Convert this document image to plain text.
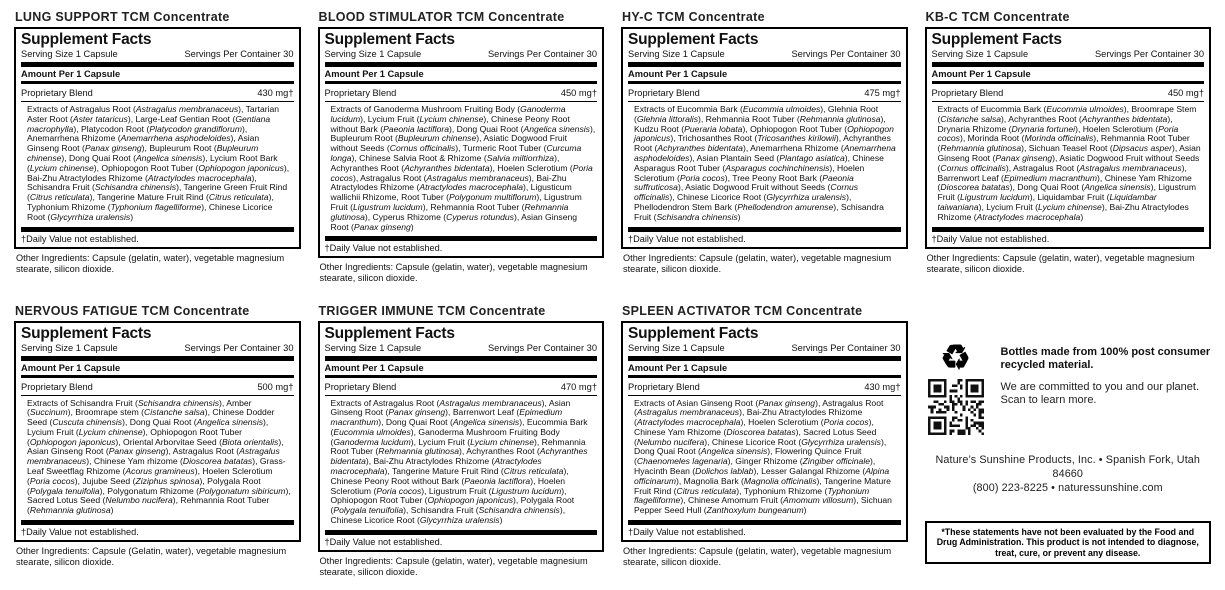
LUNG SUPPORT TCM Concentrate
Supplement Facts
Serving Size 1 Capsule	Servings Per Container 30
Amount Per 1 Capsule
Proprietary Blend	430 mg†
Extracts of Astragalus Root (Astragalus membranaceus), Tartarian Aster Root (Aster tataricus), Large-Leaf Gentian Root (Gentiana macrophylla), Platycodon Root (Platycodon grandiflorum), Anemarrhena Rhizome (Anemarrhena asphodeloides), Asian Ginseng Root (Panax ginseng), Bupleurum Root (Bupleurum chinense), Dong Quai Root (Angelica sinensis), Lycium Root Bark (Lycium chinense), Ophiopogon Root Tuber (Ophiopogon japonicus), Bai-Zhu Atractylodes Rhizome (Atractylodes macrocephala), Schisandra Fruit (Schisandra chinensis), Tangerine Green Fruit Rind (Citrus reticulata), Tangerine Mature Fruit Rind (Citrus reticulata), Typhonium Rhizome (Typhonium flagelliforme), Chinese Licorice Root (Glycyrrhiza uralensis)
†Daily Value not established.

Other Ingredients: Capsule (gelatin, water), vegetable magnesium stearate, silicon dioxide.

BLOOD STIMULATOR TCM Concentrate
Supplement Facts
Serving Size 1 Capsule	Servings Per Container 30
Amount Per 1 Capsule
Proprietary Blend	450 mg†
Extracts of Ganoderma Mushroom Fruiting Body (Ganoderma lucidum), Lycium Fruit (Lycium chinense), Chinese Peony Root without Bark (Paeonia lactiflora), Dong Quai Root (Angelica sinensis), Bupleurum Root (Bupleurum chinense), Asiatic Dogwood Fruit without Seeds (Cornus officinalis), Turmeric Root Tuber (Curcuma longa), Chinese Salvia Root & Rhizome (Salvia miltiorrhiza), Achyranthes Root (Achyranthes bidentata), Hoelen Sclerotium (Poria cocos), Astragalus Root (Astragalus membranaceus), Bai-Zhu Atractylodes Rhizome (Atractylodes macrocephala), Ligusticum wallichii Rhizome, Root Tuber (Polygonum multiflorum), Ligustrum Fruit (Ligustrum lucidum), Rehmannia Root Tuber (Rehmannia glutinosa), Cyperus Rhizome (Cyperus rotundus), Asian Ginseng Root (Panax ginseng)
†Daily Value not established.

Other Ingredients: Capsule (gelatin, water), vegetable magnesium stearate, silicon dioxide.

HY-C TCM Concentrate
Supplement Facts
Serving Size 1 Capsule	Servings Per Container 30
Amount Per 1 Capsule
Proprietary Blend	475 mg†
Extracts of Eucommia Bark (Eucommia ulmoides), Glehnia Root (Glehnia littoralis), Rehmannia Root Tuber (Rehmannia glutinosa), Kudzu Root (Pueraria lobata), Ophiopogon Root Tuber (Ophiopogon japonicus), Trichosanthes Root (Tricosanthes kirilowii), Achyranthes Root (Achyranthes bidentata), Anemarrhena Rhizome (Anemarrhena asphodeloides), Asian Plantain Seed (Plantago asiatica), Chinese Asparagus Root Tuber (Asparagus cochinchinensis), Hoelen Sclerotium (Poria cocos), Tree Peony Root Bark (Paeonia suffruticosa), Asiatic Dogwood Fruit without Seeds (Cornus officinalis), Chinese Licorice Root (Glycyrrhiza uralensis), Phellodendron Stem Bark (Phellodendron amurense), Schisandra Fruit (Schisandra chinensis)
†Daily Value not established.

Other Ingredients: Capsule (gelatin, water), vegetable magnesium stearate, silicon dioxide.

KB-C TCM Concentrate
Supplement Facts
Serving Size 1 Capsule	Servings Per Container 30
Amount Per 1 Capsule
Proprietary Blend	450 mg†
Extracts of Eucommia Bark (Eucommia ulmoides), Broomrape Stem (Cistanche salsa), Achyranthes Root (Achyranthes bidentata), Drynaria Rhizome (Drynaria fortunei), Hoelen Sclerotium (Poria cocos), Morinda Root (Morinda officinalis), Rehmannia Root Tuber (Rehmannia glutinosa), Sichuan Teasel Root (Dipsacus asper), Asian Ginseng Root (Panax ginseng), Asiatic Dogwood Fruit without Seeds (Cornus officinalis), Astragalus Root (Astragalus membranaceus), Barrenwort Leaf (Epimedium macranthum), Chinese Yam Rhizome (Dioscorea batatas), Dong Quai Root (Angelica sinensis), Ligustrum Fruit (Ligustrum lucidum), Liquidambar Fruit (Liquidambar taiwaniana), Lycium Fruit (Lycium chinense), Bai-Zhu Atractylodes Rhizome (Atractylodes macrocephala)
†Daily Value not established.

Other Ingredients: Capsule (gelatin, water), vegetable magnesium stearate, silicon dioxide.

NERVOUS FATIGUE TCM Concentrate
Supplement Facts
Serving Size 1 Capsule	Servings Per Container 30
Amount Per 1 Capsule
Proprietary Blend	500 mg†
Extracts of Schisandra Fruit (Schisandra chinensis), Amber (Succinum), Broomrape stem (Cistanche salsa), Chinese Dodder Seed (Cuscuta chinensis), Dong Quai Root (Angelica sinensis), Lycium Fruit (Lycium chinense), Ophiopogon Root Tuber (Ophiopogon japonicus), Oriental Arborvitae Seed (Biota orientalis), Asian Ginseng Root (Panax ginseng), Astragalus Root (Astragalus membranaceus), Chinese Yam rhizome (Dioscorea batatas), Grass-Leaf Sweetflag Rhizome (Acorus gramineus), Hoelen Sclerotium (Poria cocos), Jujube Seed (Ziziphus spinosa), Polygala Root (Polygala tenuifolia), Polygonatum Rhizome (Polygonatum sibiricum), Sacred Lotus Seed (Nelumbo nucifera), Rehmannia Root Tuber (Rehmannia glutinosa)
†Daily Value not established.

Other Ingredients: Capsule (Gelatin, water), vegetable magnesium stearate, silicon dioxide.

TRIGGER IMMUNE TCM Concentrate
Supplement Facts
Serving Size 1 Capsule	Servings Per Container 30
Amount Per 1 Capsule
Proprietary Blend	470 mg†
Extracts of Astragalus Root (Astragalus membranaceus), Asian Ginseng Root (Panax ginseng), Barrenwort Leaf (Epimedium macranthum), Dong Quai Root (Angelica sinensis), Eucommia Bark (Eucommia ulmoides), Ganoderma Mushroom Fruiting Body (Ganoderma lucidum), Lycium Fruit (Lycium chinense), Rehmannia Root Tuber (Rehmannia glutinosa), Achyranthes Root (Achyranthes bidentata), Bai-Zhu Atractylodes Rhizome (Atractylodes macrocephala), Tangerine Mature Fruit Rind (Citrus reticulata), Chinese Peony Root without Bark (Paeonia lactiflora), Hoelen Sclerotium (Poria cocos), Ligustrum Fruit (Ligustrum lucidum), Ophiopogon Root Tuber (Ophiopogon japonicus), Polygala Root (Polygala tenuifolia), Schisandra Fruit (Schisandra chinensis), Chinese Licorice Root (Glycyrrhiza uralensis)
†Daily Value not established.

Other Ingredients: Capsule (gelatin, water), vegetable magnesium stearate, silicon dioxide.

SPLEEN ACTIVATOR TCM Concentrate
Supplement Facts
Serving Size 1 Capsule	Servings Per Container 30
Amount Per 1 Capsule
Proprietary Blend	430 mg†
Extracts of Asian Ginseng Root (Panax ginseng), Astragalus Root (Astragalus membranaceus), Bai-Zhu Atractylodes Rhizome (Atractylodes macrocephala), Hoelen Sclerotium (Poria cocos), Chinese Yam Rhizome (Dioscorea batatas), Sacred Lotus Seed (Nelumbo nucifera), Chinese Licorice Root (Glycyrrhiza uralensis), Dong Quai Root (Angelica sinensis), Flowering Quince Fruit (Chaenomeles lagenaria), Ginger Rhizome (Zingiber officinale), Hyacinth Bean (Dolichos lablab), Lesser Galangal Rhizome (Alpina officinarum), Magnolia Bark (Magnolia officinalis), Tangerine Mature Fruit Rind (Citrus reticulata), Typhonium Rhizome (Typhonium flagelliforme), Chinese Amomum Fruit (Amomum villosum), Sichuan Pepper Seed Hull (Zanthoxylum bungeanum)
†Daily Value not established.

Other Ingredients: Capsule (gelatin, water), vegetable magnesium stearate, silicon dioxide.

♻	Bottles made from 100% post consumer recycled material.

We are committed to you and our planet. Scan to learn more.

Nature’s Sunshine Products, Inc. • Spanish Fork, Utah 84660
(800) 223-8225 • naturessunshine.com

*These statements have not been evaluated by the Food and Drug Administration. This product is not intended to diagnose, treat, cure, or prevent any disease.
